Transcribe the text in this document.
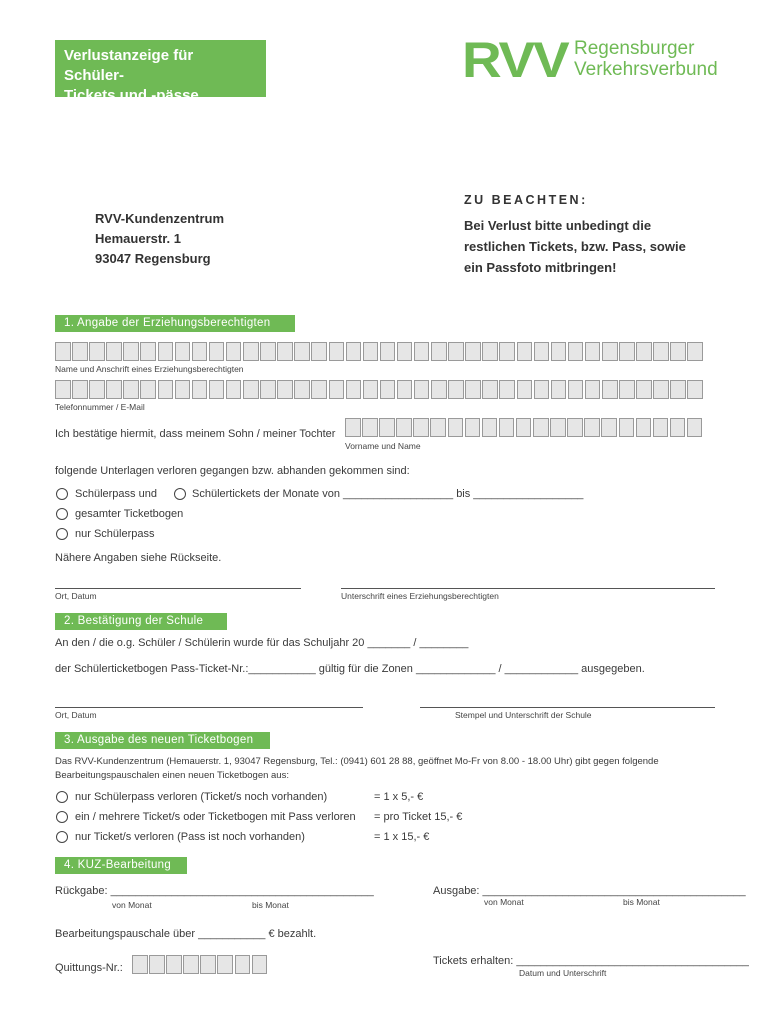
Verlustanzeige für Schüler-
Tickets und -pässe
RVV Regensburger
Verkehrsverbund
RVV-Kundenzentrum
Hemauerstr. 1
93047 Regensburg
ZU BEACHTEN:
Bei Verlust bitte unbedingt die
restlichen Tickets, bzw. Pass, sowie
ein Passfoto mitbringen!
1. Angabe der Erziehungsberechtigten
Name und Anschrift eines Erziehungsberechtigten
Telefonnummer / E-Mail
Ich bestätige hiermit, dass meinem Sohn / meiner Tochter
Vorname und Name
folgende Unterlagen verloren gegangen bzw. abhanden gekommen sind:
Schülerpass und	Schülertickets der Monate von __________________ bis __________________
gesamter Ticketbogen
nur Schülerpass
Nähere Angaben siehe Rückseite.
Ort, Datum	Unterschrift eines Erziehungsberechtigten
2. Bestätigung der Schule
An den / die o.g. Schüler / Schülerin wurde für das Schuljahr 20 _______ / ________
der Schülerticketbogen Pass-Ticket-Nr.:___________ gültig für die Zonen _____________ / ____________ ausgegeben.
Ort, Datum	Stempel und Unterschrift der Schule
3. Ausgabe des neuen Ticketbogen
Das RVV-Kundenzentrum (Hemauerstr. 1, 93047 Regensburg, Tel.: (0941) 601 28 88, geöffnet Mo-Fr von 8.00 - 18.00 Uhr) gibt gegen folgende
Bearbeitungspauschalen einen neuen Ticketbogen aus:
nur Schülerpass verloren (Ticket/s noch vorhanden)	= 1 x 5,- €
ein / mehrere Ticket/s oder Ticketbogen mit Pass verloren = pro Ticket 15,- €
nur Ticket/s verloren (Pass ist noch vorhanden)	= 1 x 15,- €
4. KUZ-Bearbeitung
Rückgabe: ___________________________________________
von Monat	bis Monat
Ausgabe: ___________________________________________
von Monat	bis Monat
Bearbeitungspauschale über ___________ € bezahlt.
Quittungs-Nr.:
Tickets erhalten: ______________________________________
Datum und Unterschrift
